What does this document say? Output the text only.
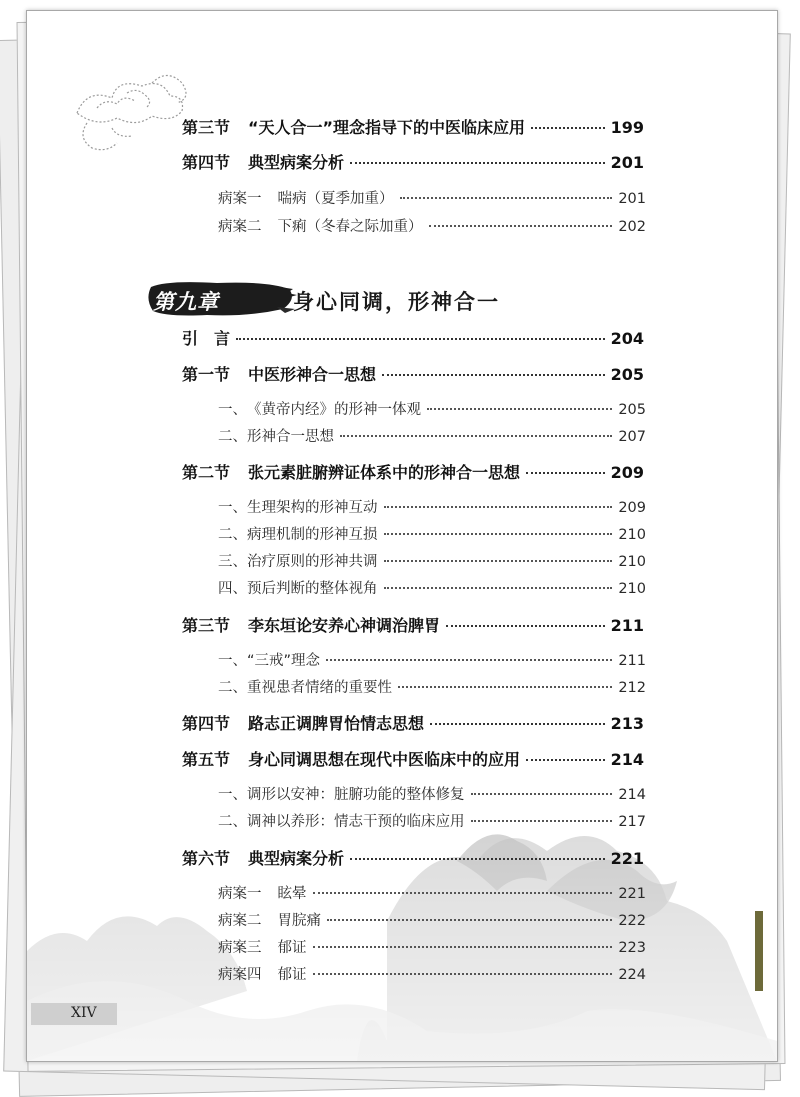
第三节 “天人合一”理念指导下的中医临床应用	199
第四节 典型病案分析	201
病案一 喘病（夏季加重）	201
病案二 下痢（冬春之际加重）	202
第九章	身心同调，形神合一
引　言	204
第一节 中医形神合一思想	205
一、 《黄帝内经》的形神一体观	205
二、 形神合一思想	207
第二节 张元素脏腑辨证体系中的形神合一思想	209
一、 生理架构的形神互动	209
二、 病理机制的形神互损	210
三、 治疗原则的形神共调	210
四、 预后判断的整体视角	210
第三节 李东垣论安养心神调治脾胃	211
一、 “三戒”理念	211
二、 重视患者情绪的重要性	212
第四节 路志正调脾胃怡情志思想	213
第五节 身心同调思想在现代中医临床中的应用	214
一、 调形以安神：脏腑功能的整体修复	214
二、 调神以养形：情志干预的临床应用	217
第六节 典型病案分析	221
病案一 眩晕	221
病案二 胃脘痛	222
病案三 郁证	223
病案四 郁证	224
XIV
